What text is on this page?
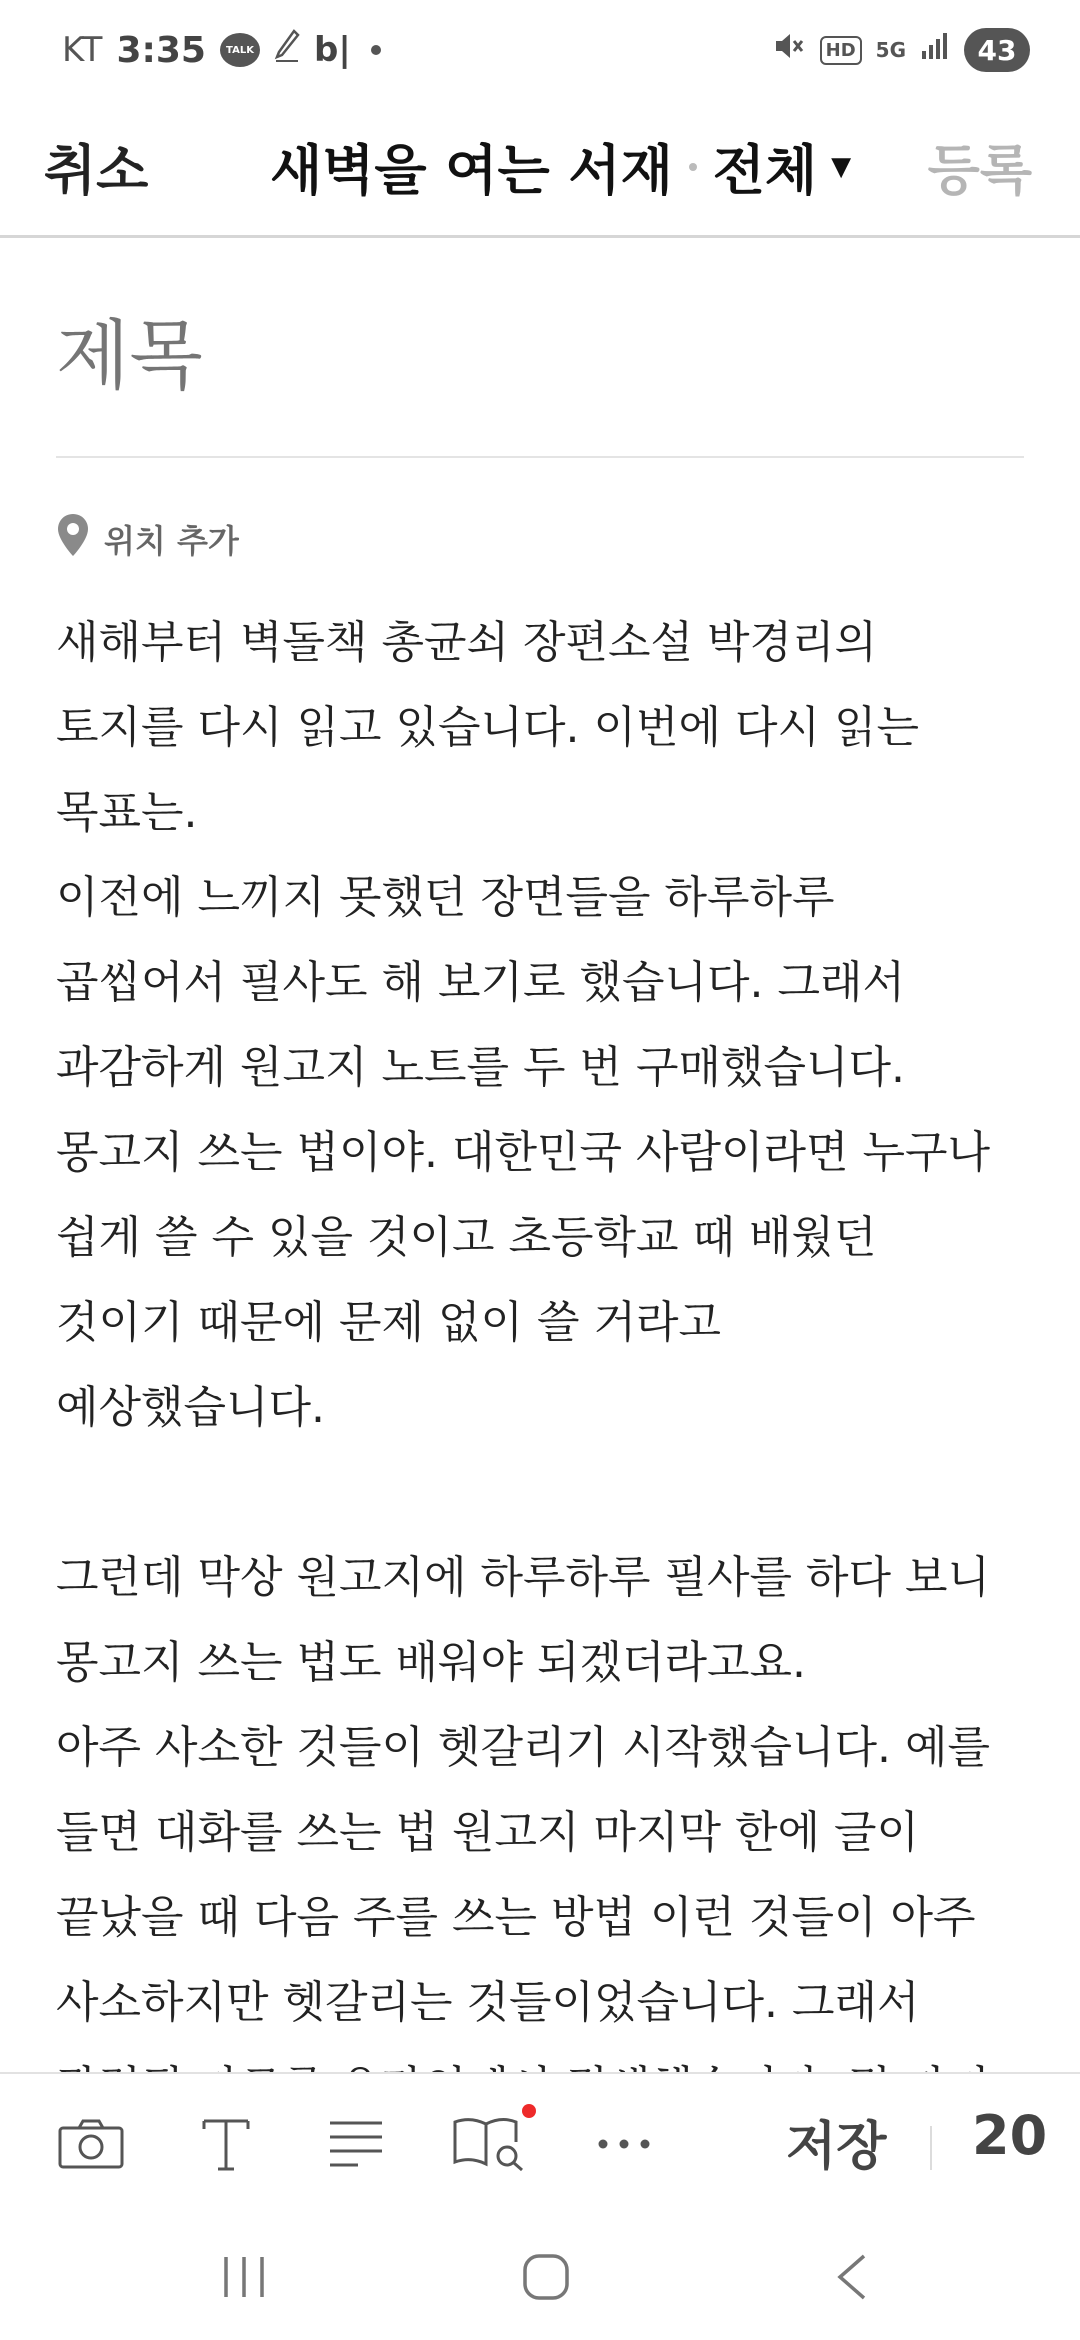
KT 3:35	TALK b|	HD	5G	43
취소 새벽을 여는 서재 전체 ▼ 등록
제목
위치 추가
새해부터 벽돌책 총균쇠 장편소설 박경리의
토지를 다시 읽고 있습니다. 이번에 다시 읽는
목표는.
이전에 느끼지 못했던 장면들을 하루하루
곱씹어서 필사도 해 보기로 했습니다. 그래서
과감하게 원고지 노트를 두 번 구매했습니다.
몽고지 쓰는 법이야. 대한민국 사람이라면 누구나
쉽게 쓸 수 있을 것이고 초등학교 때 배웠던
것이기 때문에 문제 없이 쓸 거라고
예상했습니다.
그런데 막상 원고지에 하루하루 필사를 하다 보니
몽고지 쓰는 법도 배워야 되겠더라고요.
아주 사소한 것들이 헷갈리기 시작했습니다. 예를
들면 대화를 쓰는 법 원고지 마지막 한에 글이
끝났을 때 다음 주를 쓰는 방법 이런 것들이 아주
사소하지만 헷갈리는 것들이었습니다. 그래서
저장 20
